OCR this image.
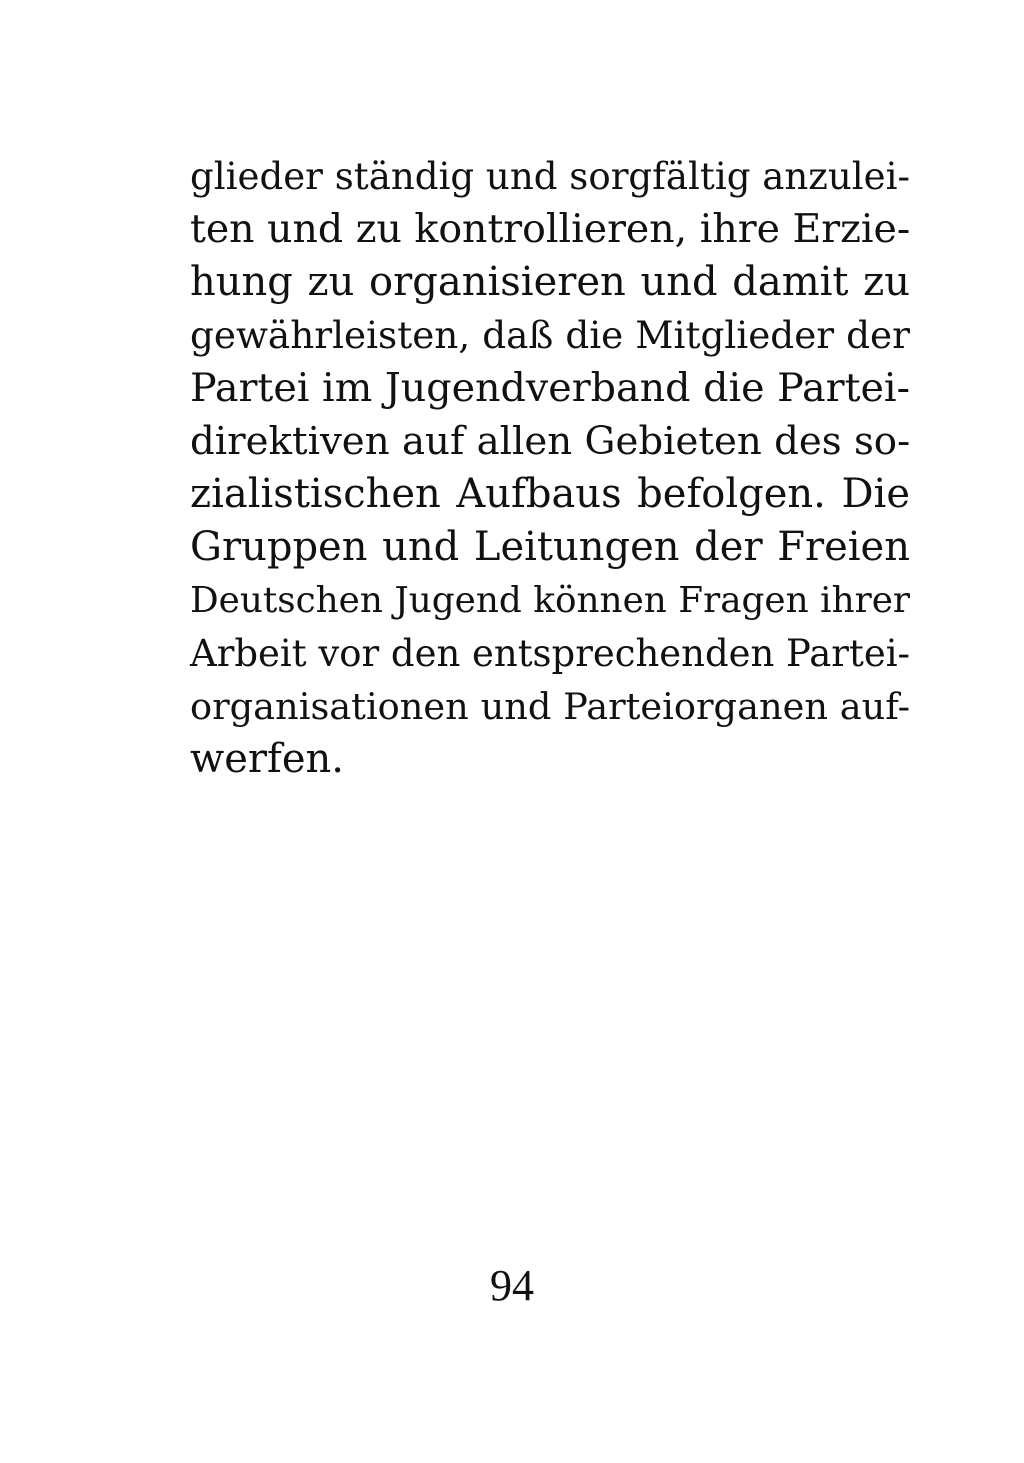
glieder ständig und sorgfältig anzulei-
ten und zu kontrollieren, ihre Erzie-
hung zu organisieren und damit zu
gewährleisten, daß die Mitglieder der
Partei im Jugendverband die Partei-
direktiven auf allen Gebieten des so-
zialistischen Aufbaus befolgen. Die
Gruppen und Leitungen der Freien
Deutschen Jugend können Fragen ihrer
Arbeit vor den entsprechenden Partei-
organisationen und Parteiorganen auf-
werfen.
94
